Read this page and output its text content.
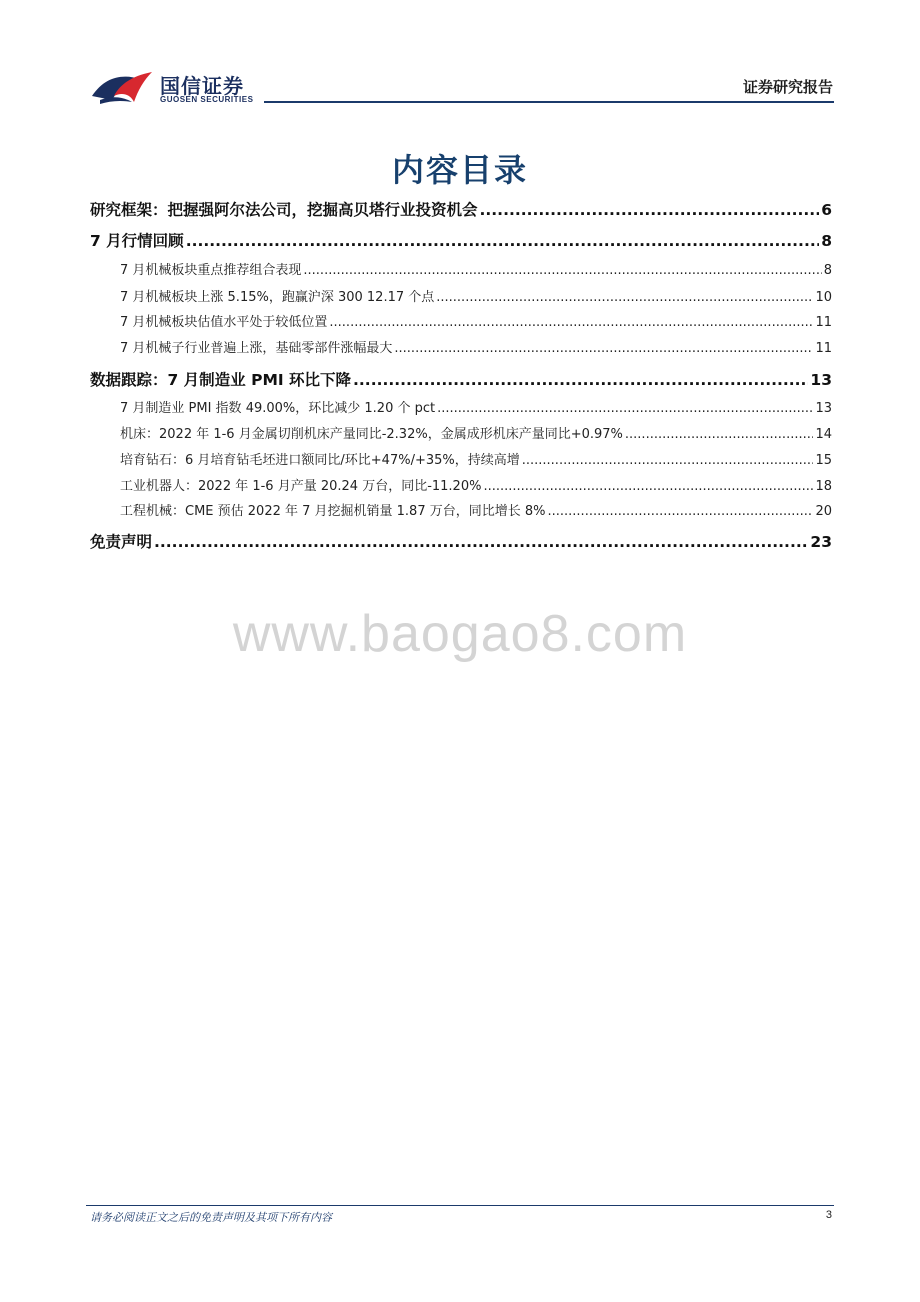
国信证券
GUOSEN SECURITIES
证券研究报告
内容目录
研究框架：把握强阿尔法公司，挖掘高贝塔行业投资机会 .....	6
7 月行情回顾 .....	8
7 月机械板块重点推荐组合表现 .....	8
7 月机械板块上涨 5.15%，跑赢沪深 300 12.17 个点 .....	10
7 月机械板块估值水平处于较低位置 .....	11
7 月机械子行业普遍上涨，基础零部件涨幅最大 .....	11
数据跟踪：7 月制造业 PMI 环比下降 .....	13
7 月制造业 PMI 指数 49.00%，环比减少 1.20 个 pct .....	13
机床：2022 年 1-6 月金属切削机床产量同比-2.32%，金属成形机床产量同比+0.97% .....	14
培育钻石：6 月培育钻毛坯进口额同比/环比+47%/+35%，持续高增 .....	15
工业机器人：2022 年 1-6 月产量 20.24 万台，同比-11.20% .....	18
工程机械：CME 预估 2022 年 7 月挖掘机销量 1.87 万台，同比增长 8% .....	20
免责声明 .....	23
www.baogao8.com
请务必阅读正文之后的免责声明及其项下所有内容	3
